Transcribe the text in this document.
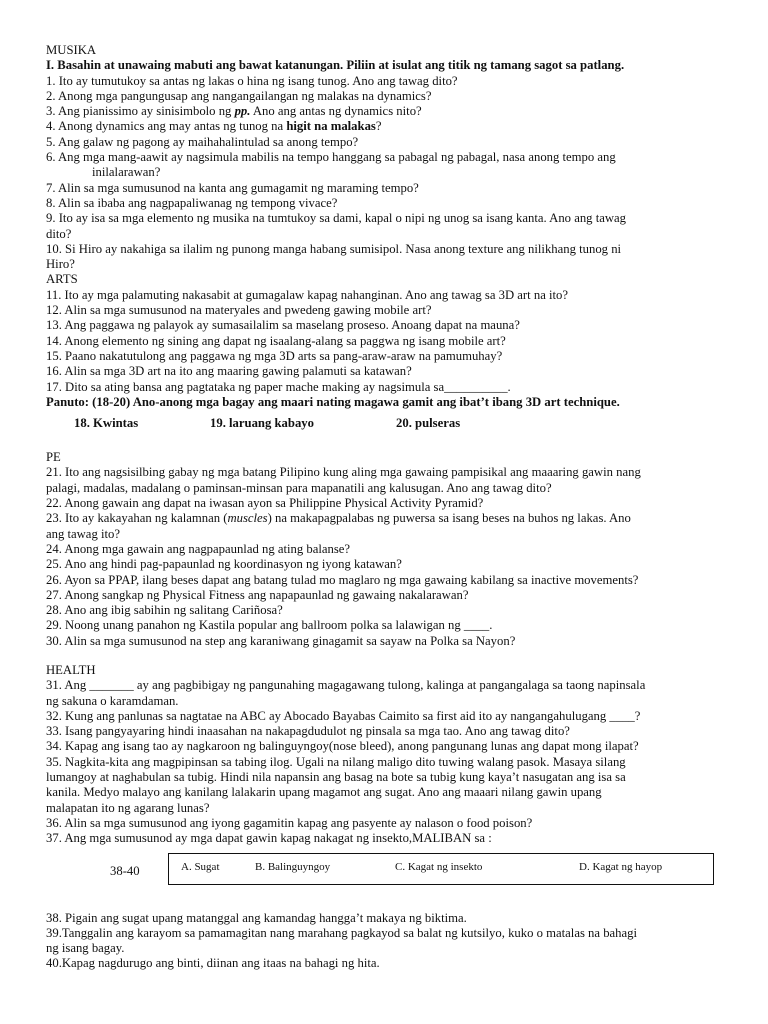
MUSIKA
I. Basahin at unawaing mabuti ang bawat katanungan. Piliin at isulat ang titik ng tamang sagot sa patlang.
1. Ito ay tumutukoy sa antas ng lakas o hina ng isang tunog. Ano ang tawag dito?
2. Anong mga pangungusap ang nangangailangan ng malakas na dynamics?
3. Ang pianissimo ay sinisimbolo ng pp. Ano ang antas ng dynamics nito?
4. Anong dynamics ang may antas ng tunog na higit na malakas?
5. Ang galaw ng pagong ay maihahalintulad sa anong tempo?
6. Ang mga mang-aawit ay nagsimula mabilis na tempo hanggang sa pabagal ng pabagal, nasa anong tempo ang
inilalarawan?
7. Alin sa mga sumusunod na kanta ang gumagamit ng maraming tempo?
8. Alin sa ibaba ang nagpapaliwanag ng tempong vivace?
9. Ito ay isa sa mga elemento ng musika na tumtukoy sa dami, kapal o nipi ng unog sa isang kanta. Ano ang tawag
dito?
10. Si Hiro ay nakahiga sa ilalim ng punong manga habang sumisipol. Nasa anong texture ang nilikhang tunog ni
Hiro?
ARTS
11. Ito ay mga palamuting nakasabit at gumagalaw kapag nahanginan. Ano ang tawag sa 3D art na ito?
12. Alin sa mga sumusunod na materyales and pwedeng gawing mobile art?
13. Ang paggawa ng palayok ay sumasailalim sa maselang proseso. Anoang dapat na mauna?
14. Anong elemento ng sining ang dapat ng isaalang-alang sa paggwa ng isang mobile art?
15. Paano nakatutulong ang paggawa ng mga 3D arts sa pang-araw-araw na pamumuhay?
16. Alin sa mga 3D art na ito ang maaring gawing palamuti sa katawan?
17. Dito sa ating bansa ang pagtataka ng paper mache making ay nagsimula sa__________.
Panuto: (18-20) Ano-anong mga bagay ang maari nating magawa gamit ang ibat’t ibang 3D art technique.
18. Kwintas	19. laruang kabayo	20. pulseras
PE
21. Ito ang nagsisilbing gabay ng mga batang Pilipino kung aling mga gawaing pampisikal ang maaaring gawin nang
palagi, madalas, madalang o paminsan-minsan para mapanatili ang kalusugan. Ano ang tawag dito?
22. Anong gawain ang dapat na iwasan ayon sa Philippine Physical Activity Pyramid?
23. Ito ay kakayahan ng kalamnan (muscles) na makapagpalabas ng puwersa sa isang beses na buhos ng lakas. Ano
ang tawag ito?
24. Anong mga gawain ang nagpapaunlad ng ating balanse?
25. Ano ang hindi pag-papaunlad ng koordinasyon ng iyong katawan?
26. Ayon sa PPAP, ilang beses dapat ang batang tulad mo maglaro ng mga gawaing kabilang sa inactive movements?
27. Anong sangkap ng Physical Fitness ang napapaunlad ng gawaing nakalarawan?
28. Ano ang ibig sabihin ng salitang Cariñosa?
29. Noong unang panahon ng Kastila popular ang ballroom polka sa lalawigan ng ____.
30. Alin sa mga sumusunod na step ang karaniwang ginagamit sa sayaw na Polka sa Nayon?
HEALTH
31. Ang _______ ay ang pagbibigay ng pangunahing magagawang tulong, kalinga at pangangalaga sa taong napinsala
ng sakuna o karamdaman.
32. Kung ang panlunas sa nagtatae na ABC ay Abocado Bayabas Caimito sa first aid ito ay nangangahulugang ____?
33. Isang pangyayaring hindi inaasahan na nakapagdudulot ng pinsala sa mga tao. Ano ang tawag dito?
34. Kapag ang isang tao ay nagkaroon ng balinguyngoy(nose bleed), anong pangunang lunas ang dapat mong ilapat?
35. Nagkita-kita ang magpipinsan sa tabing ilog. Ugali na nilang maligo dito tuwing walang pasok. Masaya silang
lumangoy at naghabulan sa tubig. Hindi nila napansin ang basag na bote sa tubig kung kaya’t nasugatan ang isa sa
kanila. Medyo malayo ang kanilang lalakarin upang magamot ang sugat. Ano ang maaari nilang gawin upang
malapatan ito ng agarang lunas?
36. Alin sa mga sumusunod ang iyong gagamitin kapag ang pasyente ay nalason o food poison?
37. Ang mga sumusunod ay mga dapat gawin kapag nakagat ng insekto,MALIBAN sa :
38-40	A. Sugat	B. Balinguyngoy	C. Kagat ng insekto	D. Kagat ng hayop
38. Pigain ang sugat upang matanggal ang kamandag hangga’t makaya ng biktima.
39.Tanggalin ang karayom sa pamamagitan nang marahang pagkayod sa balat ng kutsilyo, kuko o matalas na bahagi
ng isang bagay.
40.Kapag nagdurugo ang binti, diinan ang itaas na bahagi ng hita.
